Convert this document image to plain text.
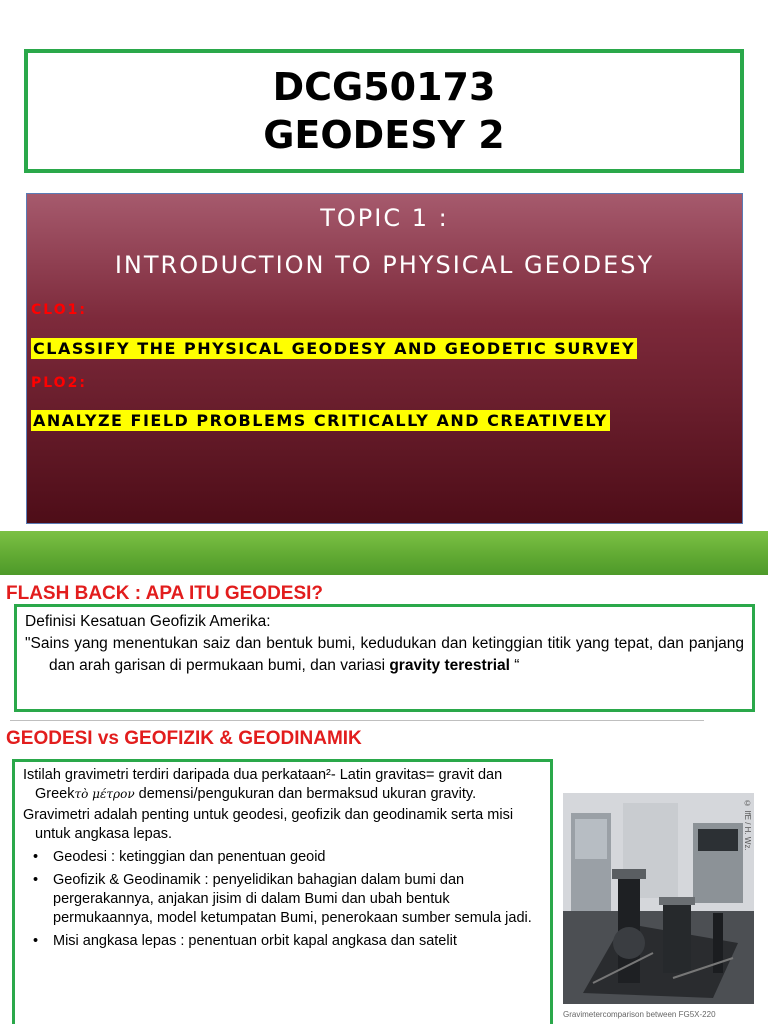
DCG50173
GEODESY 2
TOPIC 1 :
INTRODUCTION TO PHYSICAL GEODESY
CLO1:
CLASSIFY THE PHYSICAL GEODESY AND GEODETIC SURVEY
PLO2:
ANALYZE FIELD PROBLEMS CRITICALLY AND CREATIVELY
FLASH BACK : APA ITU GEODESI?
Definisi Kesatuan Geofizik Amerika:
"Sains yang menentukan saiz dan bentuk bumi, kedudukan dan ketinggian titik yang tepat, dan panjang dan arah garisan di permukaan bumi, dan variasi gravity terestrial “
GEODESI vs GEOFIZIK & GEODINAMIK

Istilah gravimetri terdiri daripada dua perkataan²- Latin gravitas= gravit dan Greekτὸ μέτρον demensi/pengukuran dan bermaksud ukuran gravity.

Gravimetri adalah penting untuk geodesi, geofizik dan geodinamik serta misi untuk angkasa lepas.

• Geodesi : ketinggian dan penentuan geoid
• Geofizik & Geodinamik : penyelidikan bahagian dalam bumi dan pergerakannya, anjakan jisim di dalam Bumi dan ubah bentuk permukaannya, model ketumpatan Bumi, penerokaan sumber semula jadi.
• Misi angkasa lepas : penentuan orbit kapal angkasa dan satelit
© IfE / H. Wz.
Gravimetercomparison between FG5X-220
